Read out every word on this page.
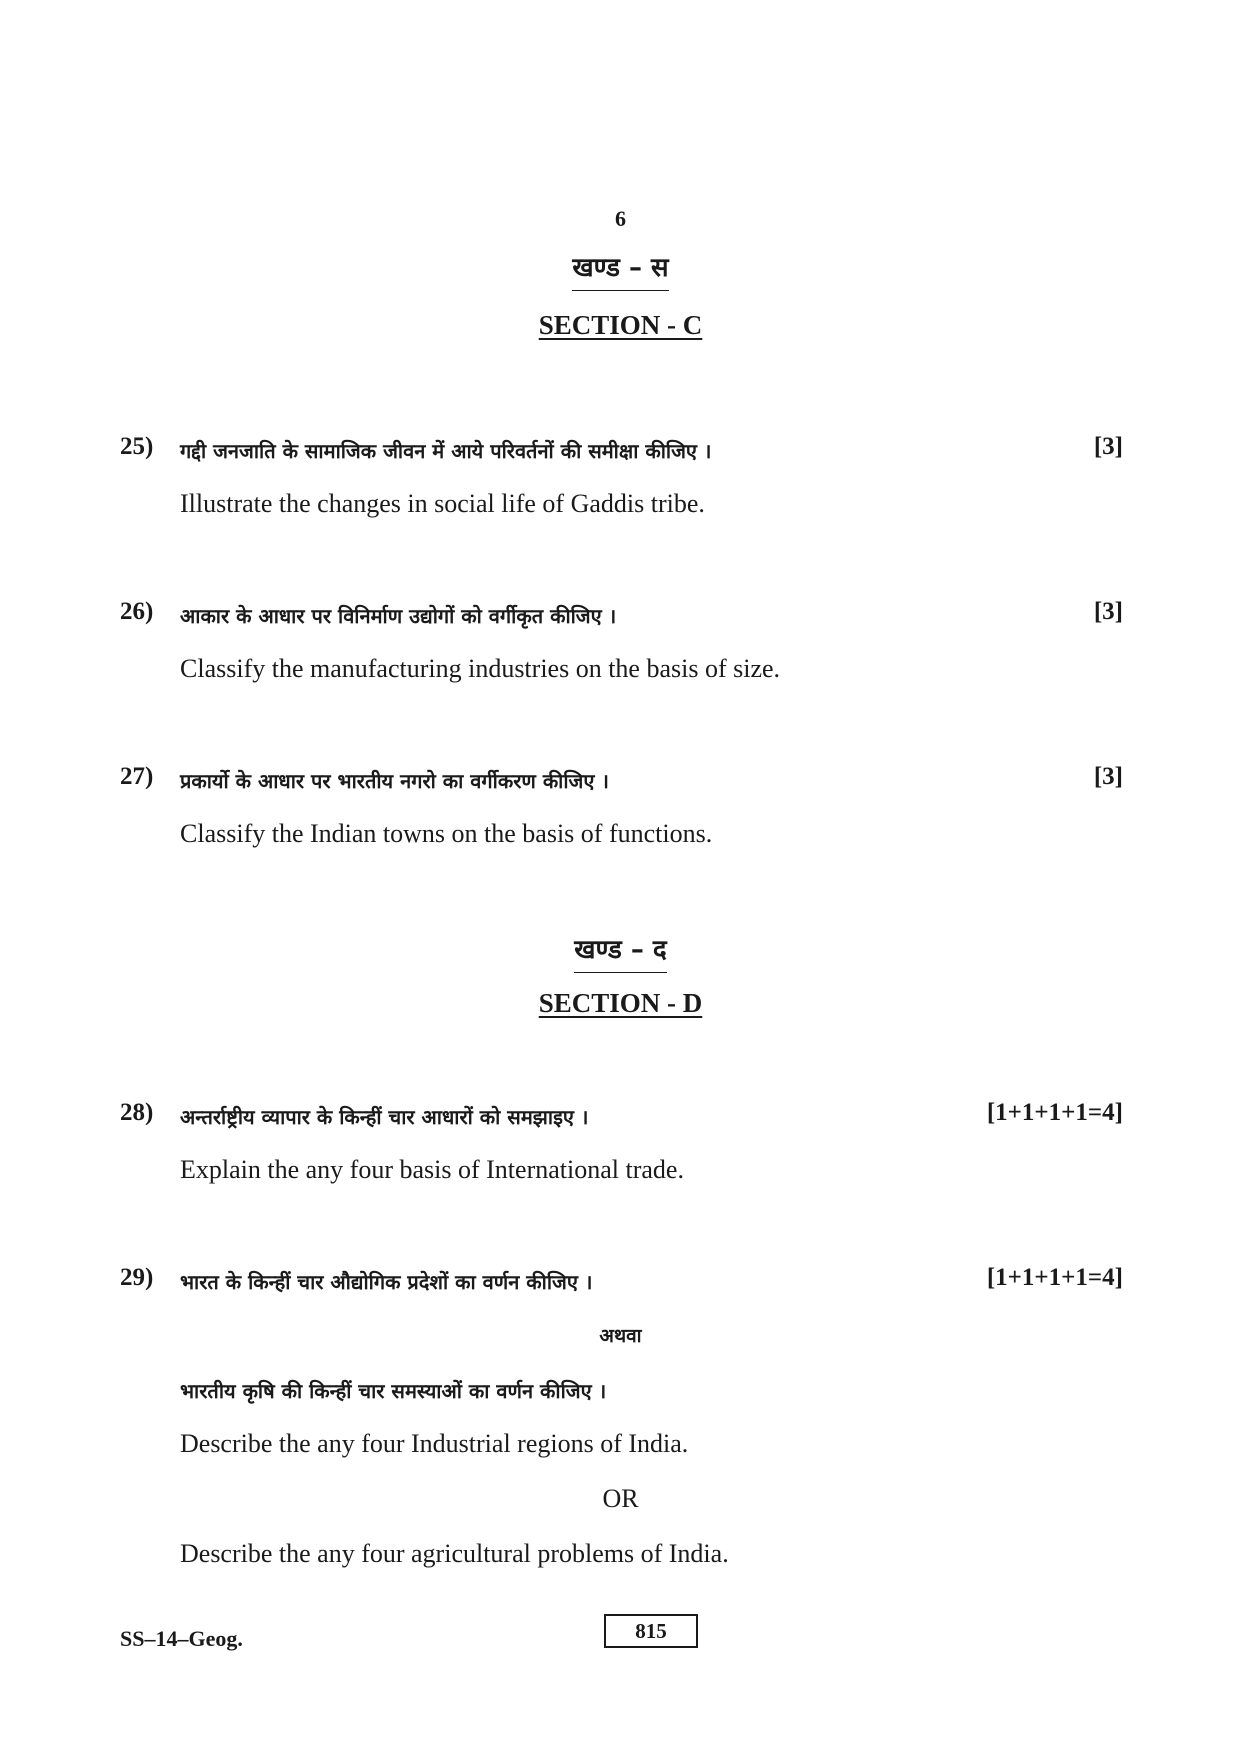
6
खण्ड – स
SECTION - C
25) गद्दी जनजाति के सामाजिक जीवन में आये परिवर्तनों की समीक्षा कीजिए ।	[3]
Illustrate the changes in social life of Gaddis tribe.
26) आकार के आधार पर विनिर्माण उद्योगों को वर्गीकृत कीजिए ।	[3]
Classify the manufacturing industries on the basis of size.
27) प्रकार्यो के आधार पर भारतीय नगरो का वर्गीकरण कीजिए ।	[3]
Classify the Indian towns on the basis of functions.
खण्ड – द
SECTION - D
28) अन्तर्राष्ट्रीय व्यापार के किन्हीं चार आधारों को समझाइए ।	[1+1+1+1=4]
Explain the any four basis of International trade.
29) भारत के किन्हीं चार औद्योगिक प्रदेशों का वर्णन कीजिए ।	[1+1+1+1=4]
अथवा
भारतीय कृषि की किन्हीं चार समस्याओं का वर्णन कीजिए ।
Describe the any four Industrial regions of India.
OR
Describe the any four agricultural problems of India.
SS–14–Geog.	815
